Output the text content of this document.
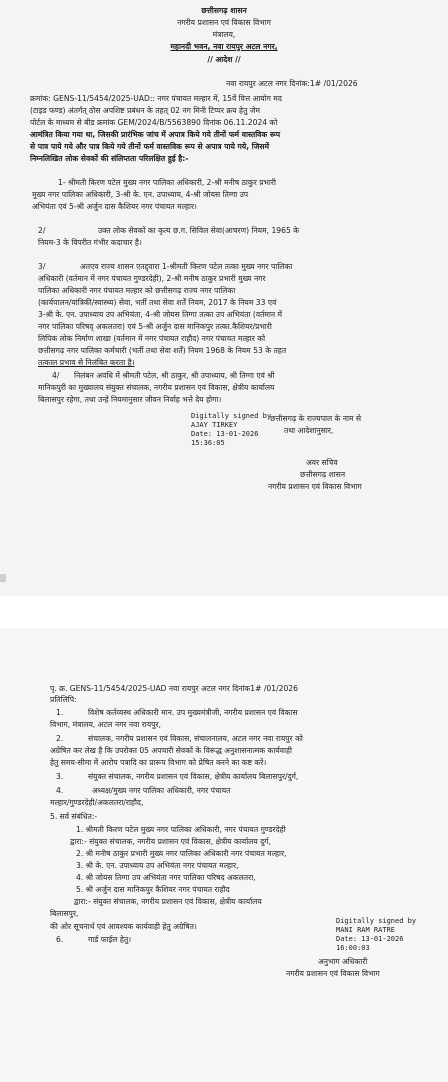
छत्तीसगढ़ शासन
नगरीय प्रशासन एवं विकास विभाग
मंत्रालय,
महानदी भवन, नवा रायपुर अटल नगर,
// आदेश //
नवा रायपुर अटल नगर दिनांक:1# /01/2026
क्रमांक: GENS-11/5454/2025-UAD:: नगर पंचायत मल्हार में, 15वें वित्त आयोग मद
(टाइड फण्ड) अंतर्गत् ठोस अपशिष्ट प्रबंधन के तहत् 02 नग मिनी टिप्पर क्रय हेतु जेम
पोर्टल के माध्यम से बीड क्रमांक GEM/2024/B/5563890 दिनांक 06.11.2024 को
आमंत्रित किया गया था, जिसकी प्रारंभिक जांच में अपात्र किये गये तीनों फर्म वास्तविक रूप
से पात्र पाये गये और पात्र किये गये तीनों फर्म वास्तविक रूप से अपात्र पाये गये, जिसमें
निम्नलिखित लोक सेवकों की संलिप्तता परिलक्षित हुई है:-
1- श्रीमती किरण पटेल मुख्य नगर पालिका अधिकारी, 2-श्री मनीष ठाकुर प्रभारी
मुख्य नगर पालिका अधिकारी, 3-श्री के. एन. उपाध्याय, 4-श्री जोयस तिग्गा उप
अभियंता एवं 5-श्री अर्जुन दास कैशियर नगर पंचायत मल्हार।
2/	उक्त लोक सेवकों का कृत्य छ.ग. सिविल सेवा(आचरण) नियम, 1965 के
नियम-3 के विपरीत गंभीर कदाचार है।
3/	अतएव राज्य शासन एतद्द्वारा 1-श्रीमती किरण पटेल तत्का मुख्य नगर पालिका
अधिकारी (वर्तमान में नगर पंचायत गुण्डरदेही), 2-श्री मनीष ठाकुर प्रभारी मुख्य नगर
पालिका अधिकारी नगर पंचायत मल्हार को छत्तीसगढ़ राज्य नगर पालिका
(कार्यपालन/यांत्रिकी/स्वास्थ्य) सेवा, भर्ती तथा सेवा शर्तें नियम, 2017 के नियम 33 एवं
3-श्री के. एन. उपाध्याय उप अभियंता, 4-श्री जोयस तिग्गा तत्का उप अभियंता (वर्तमान में
नगर पालिका परिषद् अकलतरा) एवं 5-श्री अर्जुन दास मानिकपुर तत्का.कैशियर/प्रभारी
लिपिक लोक निर्माण शाखा (वर्तमान में नगर पंचायत राहौद) नगर पंचायत मल्हार को
छत्तीसगढ़ नगर पालिका कर्मचारी (भर्ती तथा सेवा शर्तें) नियम 1968 के नियम 53 के तहत
तत्काल प्रभाव से निलंबित करता है।
4/ निलंबन अवधि में श्रीमती पटेल, श्री ठाकुर, श्री उपाध्याय, श्री तिग्गा एवं श्री
मानिकपुरी का मुख्यालय संयुक्त संचालक, नगरीय प्रशासन एवं विकास, क्षेत्रीय कार्यालय
बिलासपुर रहेगा, तथा उन्हें नियमानुसार जीवन निर्वाह भत्ते देय होगा।
Digitally signed by
AJAY TIRKEY
Date: 13-01-2026
15:36:05
छत्तीसगढ़ के राज्यपाल के नाम से
तथा आदेशानुसार,
अवर सचिव
छत्तीसगढ़ शासन
नगरीय प्रशासन एवं विकास विभाग
पृ. क्र. GENS-11/5454/2025-UAD नवा रायपुर अटल नगर दिनांक1# /01/2026
प्रतिलिपि:
1.	विशेष कर्तव्यस्थ अधिकारी मान. उप मुख्यमंत्रीजी, नगरीय प्रशासन एवं विकास
विभाग, मंत्रालय, अटल नगर नवा रायपुर,
2.	संचालक, नगरीय प्रशासन एवं विकास, संचालनालय, अटल नगर नवा रायपुर को
अग्रेषित कर लेख है कि उपरोक्त 05 अपचारी सेवकों के विरूद्ध अनुशासनात्मक कार्यवाही
हेतु समय-सीमा में आरोप पत्रादि का प्रारूप विभाग को प्रेषित करने का कष्ट करें।
3.	संयुक्त संचालक, नगरीय प्रशासन एवं विकास, क्षेत्रीय कार्यालय बिलासपुर/दुर्ग,
4.	अध्यक्ष/मुख्य नगर पालिका अधिकारी, नगर पंचायत
मल्हार/गुण्डरदेही/अकलतरा/राहौद,
5. सर्व संबंधित:-
1. श्रीमती किरण पटेल मुख्य नगर पालिका अधिकारी, नगर पंचायत गुण्डरदेही
द्वारा:- संयुक्त संचालक, नगरीय प्रशासन एवं विकास, क्षेत्रीय कार्यालय दुर्ग,
2. श्री मनीष ठाकुर प्रभारी मुख्य नगर पालिका अधिकारी नगर पंचायत मल्हार,
3. श्री के. एन. उपाध्याय उप अभियंता नगर पंचायत मल्हार,
4. श्री जोयस तिग्गा उप अभियंता नगर पालिका परिषद अकलतरा,
5. श्री अर्जुन दास मानिकपुर कैशियर नगर पंचायत राहौद
द्वारा:- संयुक्त संचालक, नगरीय प्रशासन एवं विकास, क्षेत्रीय कार्यालय
बिलासपुर,
की ओर सूचनार्थ एवं आवश्यक कार्यवाही हेतु अग्रेषित।
6.	गार्ड फाईल हेतु।
Digitally signed by
MANI RAM RATRE
Date: 13-01-2026
16:00:03
अनुभाग अधिकारी
नगरीय प्रशासन एवं विकास विभाग
